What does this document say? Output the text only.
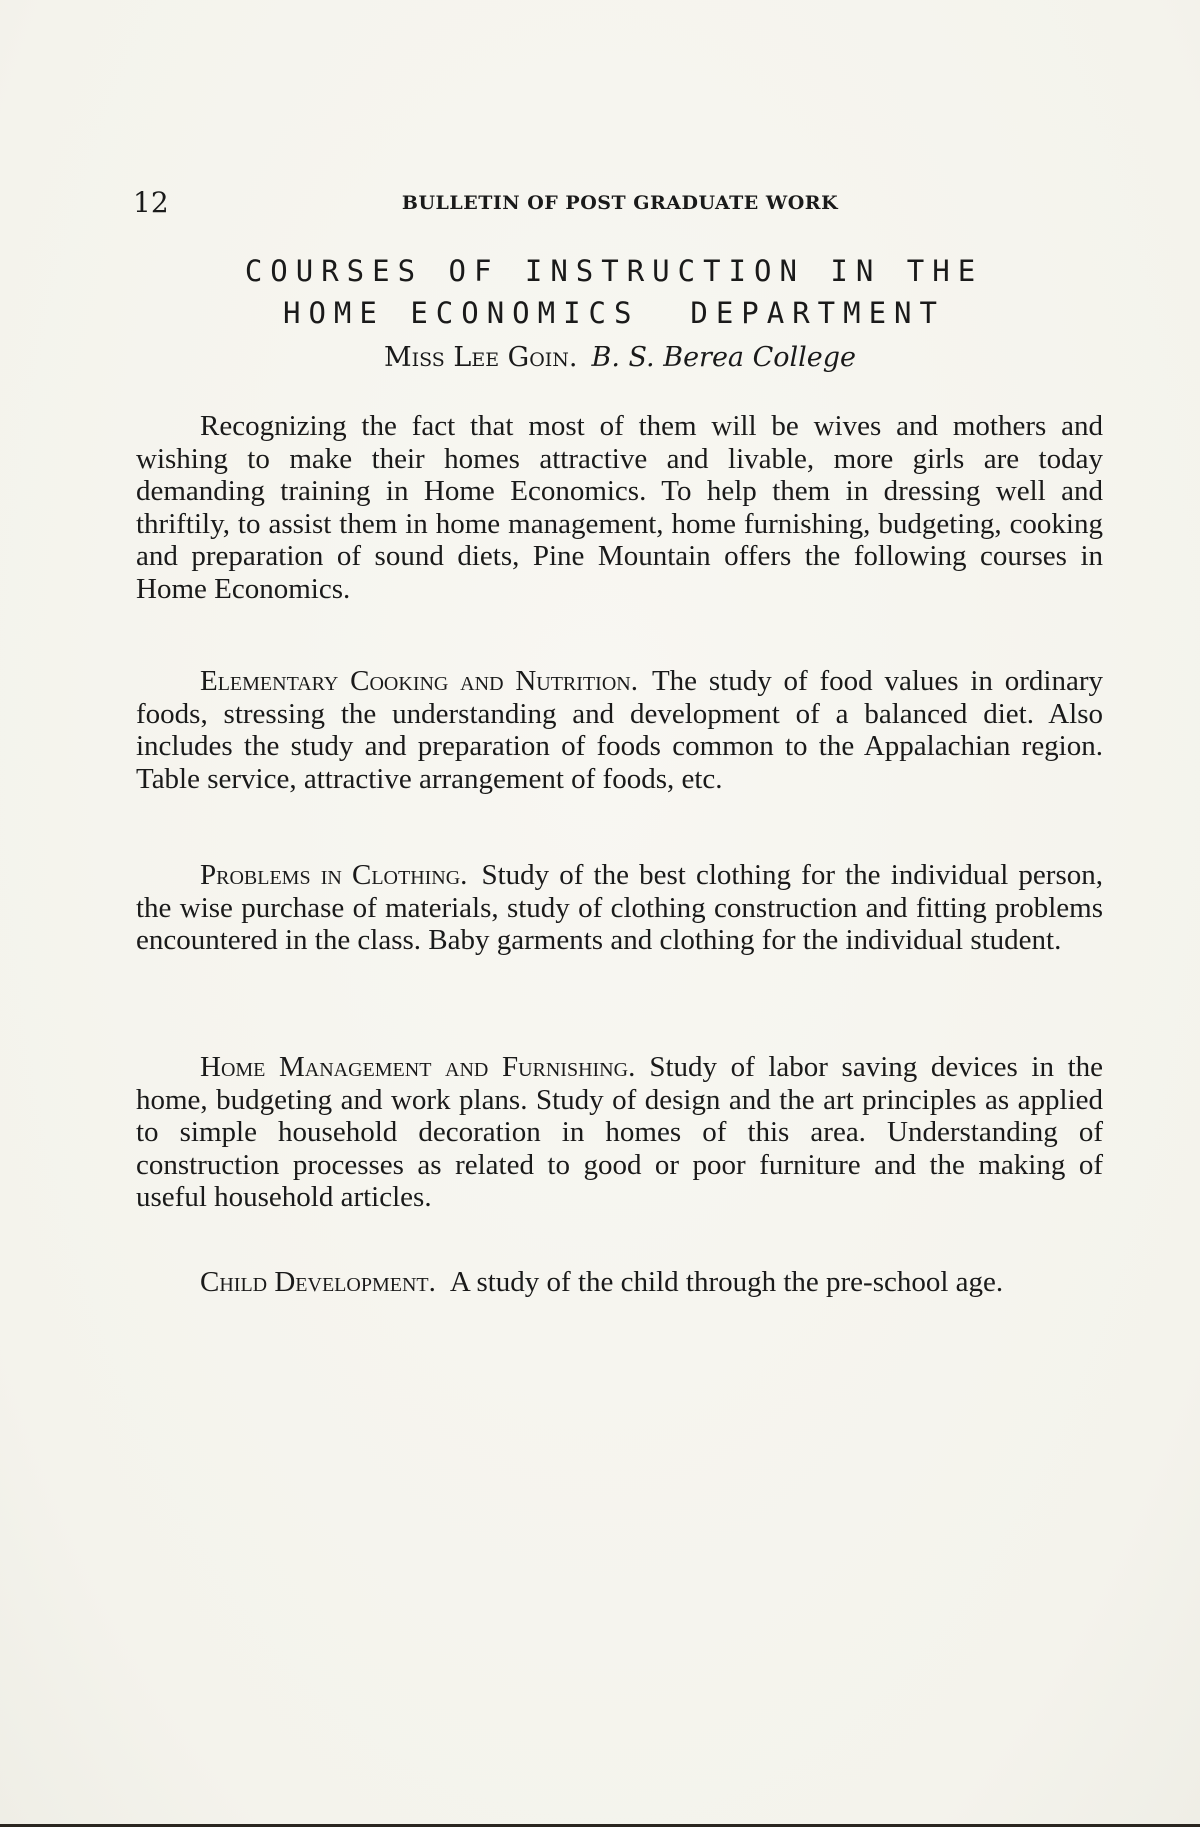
12	BULLETIN OF POST GRADUATE WORK
COURSES OF INSTRUCTION IN THE
HOME ECONOMICS  DEPARTMENT
Miss Lee Goin. B. S. Berea College

Recognizing the fact that most of them will be wives and mothers and wishing to make their homes attractive and livable, more girls are today demanding training in Home Economics. To help them in dressing well and thriftily, to assist them in home management, home furnishing, budgeting, cooking and preparation of sound diets, Pine Mountain offers the following courses in Home Economics.

Elementary Cooking and Nutrition. The study of food values in ordinary foods, stressing the understanding and development of a balanced diet. Also includes the study and preparation of foods common to the Appalachian region. Table service, attractive arrangement of foods, etc.

Problems in Clothing. Study of the best clothing for the individual person, the wise purchase of materials, study of clothing construction and fitting problems encountered in the class. Baby garments and clothing for the individual student.

Home Management and Furnishing. Study of labor saving devices in the home, budgeting and work plans. Study of design and the art principles as applied to simple household decoration in homes of this area. Understanding of construction processes as related to good or poor furniture and the making of useful household articles.

Child Development. A study of the child through the pre-school age.
